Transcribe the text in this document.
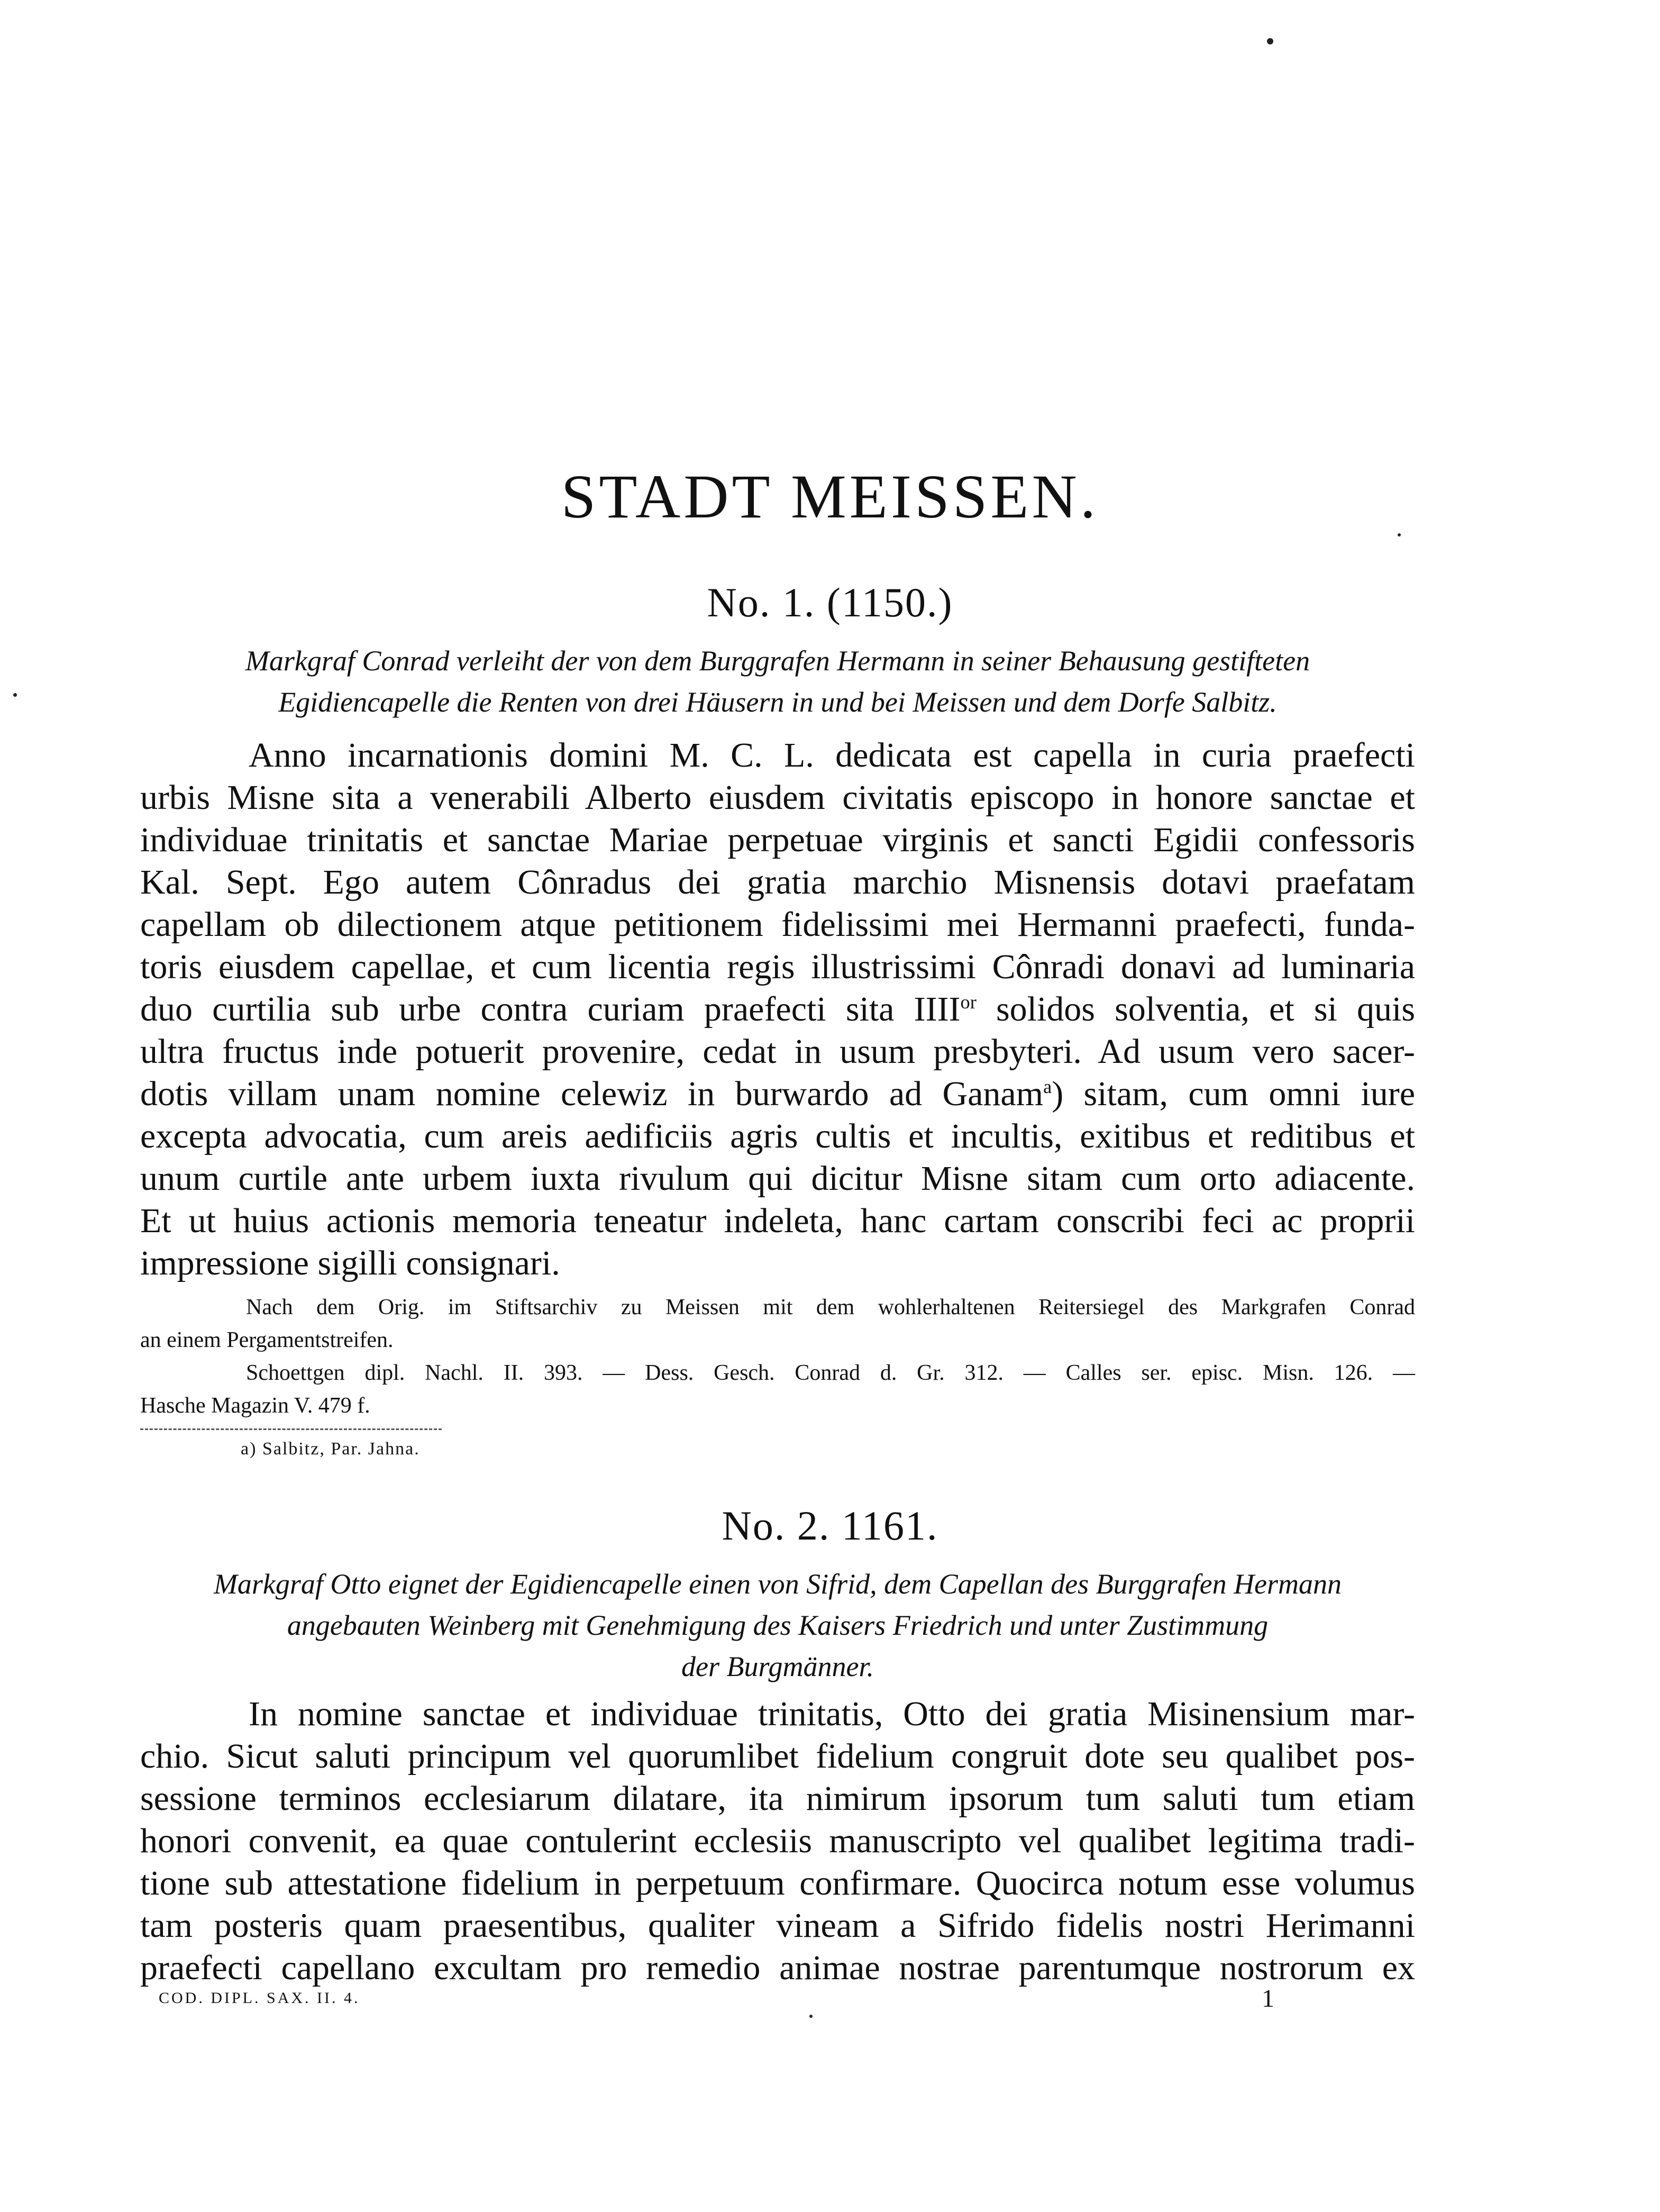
STADT MEISSEN.
No. 1. (1150.)
Markgraf Conrad verleiht der von dem Burggrafen Hermann in seiner Behausung gestifteten
Egidiencapelle die Renten von drei Häusern in und bei Meissen und dem Dorfe Salbitz.
Anno incarnationis domini M. C. L. dedicata est capella in curia praefecti
urbis Misne sita a venerabili Alberto eiusdem civitatis episcopo in honore sanctae et
individuae trinitatis et sanctae Mariae perpetuae virginis et sancti Egidii confessoris
Kal. Sept. Ego autem Cônradus dei gratia marchio Misnensis dotavi praefatam
capellam ob dilectionem atque petitionem fidelissimi mei Hermanni praefecti, funda-
toris eiusdem capellae, et cum licentia regis illustrissimi Cônradi donavi ad luminaria
duo curtilia sub urbe contra curiam praefecti sita $IIII^{or}$ solidos solventia, et si quis
ultra fructus inde potuerit provenire, cedat in usum presbyteri. Ad usum vero sacer-
dotis villam unam nomine celewiz in burwardo ad Ganam$^a$) sitam, cum omni iure
excepta advocatia, cum areis aedificiis agris cultis et incultis, exitibus et reditibus et
unum curtile ante urbem iuxta rivulum qui dicitur Misne sitam cum orto adiacente.
Et ut huius actionis memoria teneatur indeleta, hanc cartam conscribi feci ac proprii
impressione sigilli consignari.
Nach dem Orig. im Stiftsarchiv zu Meissen mit dem wohlerhaltenen Reitersiegel des Markgrafen Conrad
an einem Pergamentstreifen.
Schoettgen dipl. Nachl. II. 393. — Dess. Gesch. Conrad d. Gr. 312. — Calles ser. episc. Misn. 126. —
Hasche Magazin V. 479 f.
a) Salbitz, Par. Jahna.
No. 2. 1161.
Markgraf Otto eignet der Egidiencapelle einen von Sifrid, dem Capellan des Burggrafen Hermann
angebauten Weinberg mit Genehmigung des Kaisers Friedrich und unter Zustimmung
der Burgmänner.
In nomine sanctae et individuae trinitatis, Otto dei gratia Misinensium mar-
chio. Sicut saluti principum vel quorumlibet fidelium congruit dote seu qualibet pos-
sessione terminos ecclesiarum dilatare, ita nimirum ipsorum tum saluti tum etiam
honori convenit, ea quae contulerint ecclesiis manuscripto vel qualibet legitima tradi-
tione sub attestatione fidelium in perpetuum confirmare. Quocirca notum esse volumus
tam posteris quam praesentibus, qualiter vineam a Sifrido fidelis nostri Herimanni
praefecti capellano excultam pro remedio animae nostrae parentumque nostrorum ex
COD. DIPL. SAX. II. 4.	1
